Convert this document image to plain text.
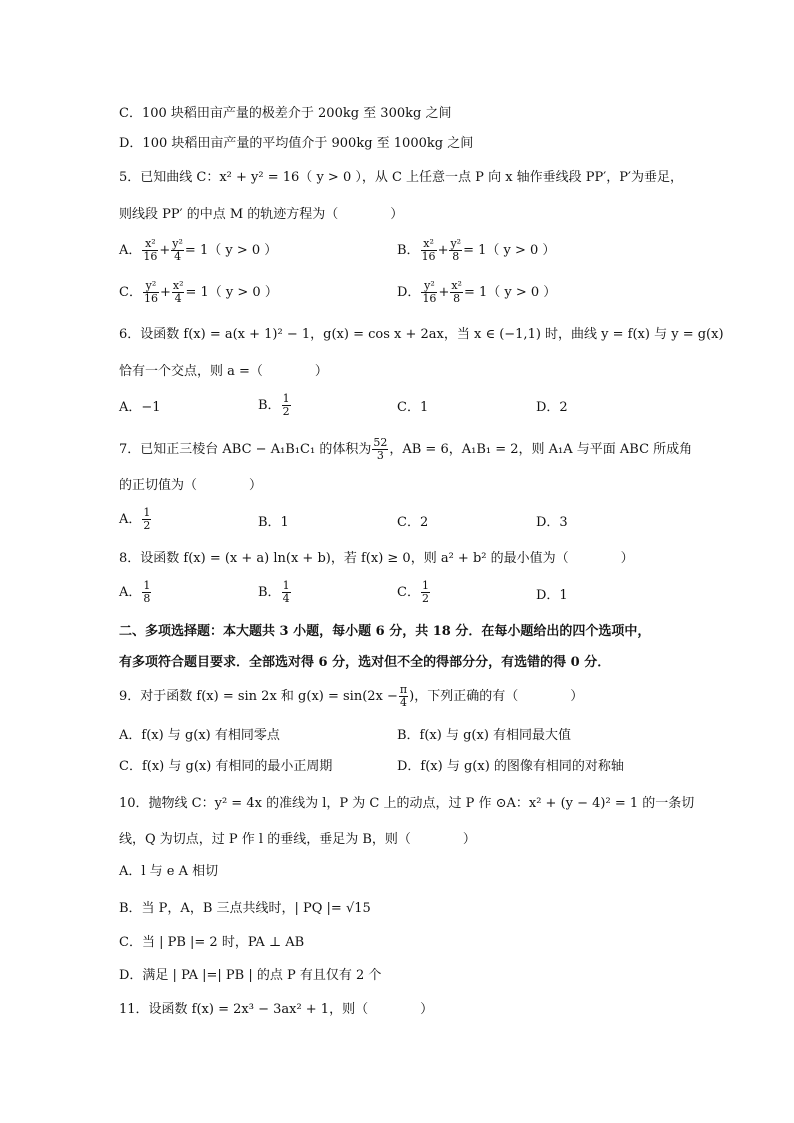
C．100 块稻田亩产量的极差介于 200kg 至 300kg 之间
D．100 块稻田亩产量的平均值介于 900kg 至 1000kg 之间
5．已知曲线 C：x² + y² = 16（ y > 0 ），从 C 上任意一点 P 向 x 轴作垂线段 PP′，P′为垂足，
则线段 PP′ 的中点 M 的轨迹方程为（　　　　）
A． $\frac{\text{x²}}{16} + \frac{\text{y²}}{4} = 1$（ y > 0 ）	B． $\frac{\text{x²}}{16} + \frac{\text{y²}}{8} = 1$（ y > 0 ）
C． $\frac{\text{y²}}{16} + \frac{\text{x²}}{4} = 1$（ y > 0 ）	D． $\frac{\text{y²}}{16} + \frac{\text{x²}}{8} = 1$（ y > 0 ）
6．设函数 f(x) = a(x + 1)² − 1，g(x) = cos x + 2ax，当 x ∈ (−1,1) 时，曲线 y = f(x) 与 y = g(x)
恰有一个交点，则 a =（　　　　）
A．−1	B． $\frac{1}{2}$	C．1	D．2
7．已知正三棱台 ABC − A₁B₁C₁ 的体积为 $\frac{52}{3}$ ，AB = 6，A₁B₁ = 2，则 A₁A 与平面 ABC 所成角
的正切值为（　　　　）
A． $\frac{1}{2}$	B．1	C．2	D．3
8．设函数 f(x) = (x + a) ln(x + b)，若 f(x) ≥ 0，则 a² + b² 的最小值为（　　　　）
A． $\frac{1}{8}$	B． $\frac{1}{4}$	C． $\frac{1}{2}$	D．1
二、多项选择题：本大题共 3 小题，每小题 6 分，共 18 分．在每小题给出的四个选项中，
有多项符合题目要求．全部选对得 6 分，选对但不全的得部分分，有选错的得 0 分．
9．对于函数 f(x) = sin 2x 和 $g(x) = \sin(2x - \frac{\pi}{4}$ )，下列正确的有（　　　　）
A．f(x) 与 g(x) 有相同零点	B．f(x) 与 g(x) 有相同最大值
C．f(x) 与 g(x) 有相同的最小正周期	D．f(x) 与 g(x) 的图像有相同的对称轴
10．抛物线 C：y² = 4x 的准线为 l，P 为 C 上的动点，过 P 作 ⊙A：x² + (y − 4)² = 1 的一条切
线，Q 为切点，过 P 作 l 的垂线，垂足为 B，则（　　　　）
A．l 与 e A 相切
B．当 P，A，B 三点共线时，| PQ |= √15
C．当 | PB |= 2 时，PA ⊥ AB
D．满足 | PA |=| PB | 的点 P 有且仅有 2 个
11．设函数 f(x) = 2x³ − 3ax² + 1，则（　　　　）
